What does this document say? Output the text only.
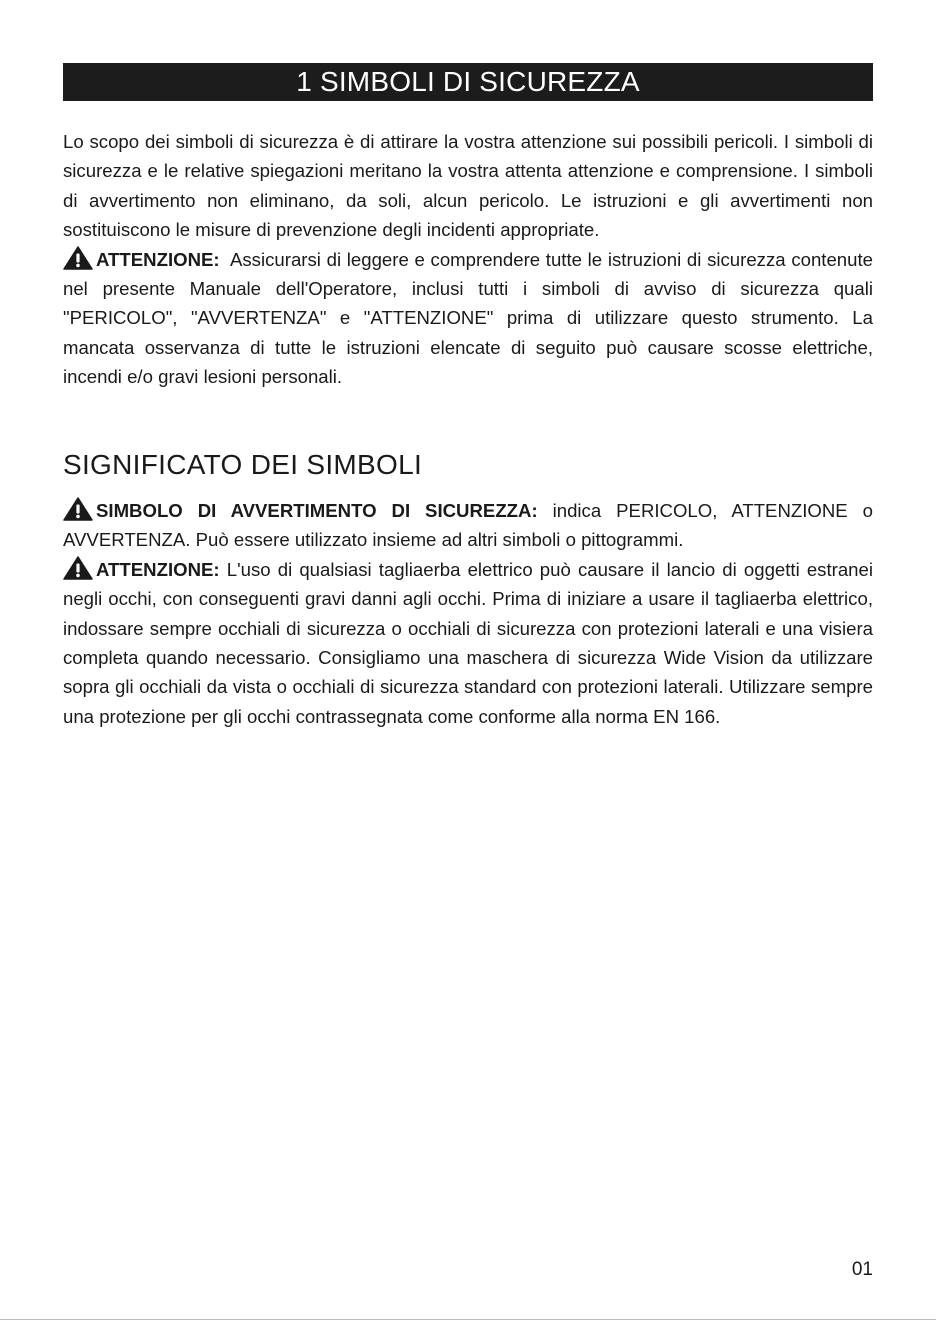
1 SIMBOLI DI SICUREZZA

Lo scopo dei simboli di sicurezza è di attirare la vostra attenzione sui possibili pericoli. I simboli di sicurezza e le relative spiegazioni meritano la vostra attenta attenzione e comprensione. I simboli di avvertimento non eliminano, da soli, alcun pericolo. Le istruzioni e gli avvertimenti non sostituiscono le misure di prevenzione degli incidenti appropriate.

ATTENZIONE: Assicurarsi di leggere e comprendere tutte le istruzioni di sicurezza contenute nel presente Manuale dell'Operatore, inclusi tutti i simboli di avviso di sicurezza quali "PERICOLO", "AVVERTENZA" e "ATTENZIONE" prima di utilizzare questo strumento. La mancata osservanza di tutte le istruzioni elencate di seguito può causare scosse elettriche, incendi e/o gravi lesioni personali.

SIGNIFICATO DEI SIMBOLI

SIMBOLO DI AVVERTIMENTO DI SICUREZZA: indica PERICOLO, ATTENZIONE o AVVERTENZA. Può essere utilizzato insieme ad altri simboli o pittogrammi.

ATTENZIONE: L'uso di qualsiasi tagliaerba elettrico può causare il lancio di oggetti estranei negli occhi, con conseguenti gravi danni agli occhi. Prima di iniziare a usare il tagliaerba elettrico, indossare sempre occhiali di sicurezza o occhiali di sicurezza con protezioni laterali e una visiera completa quando necessario. Consigliamo una maschera di sicurezza Wide Vision da utilizzare sopra gli occhiali da vista o occhiali di sicurezza standard con protezioni laterali. Utilizzare sempre una protezione per gli occhi contrassegnata come conforme alla norma EN 166.

01
